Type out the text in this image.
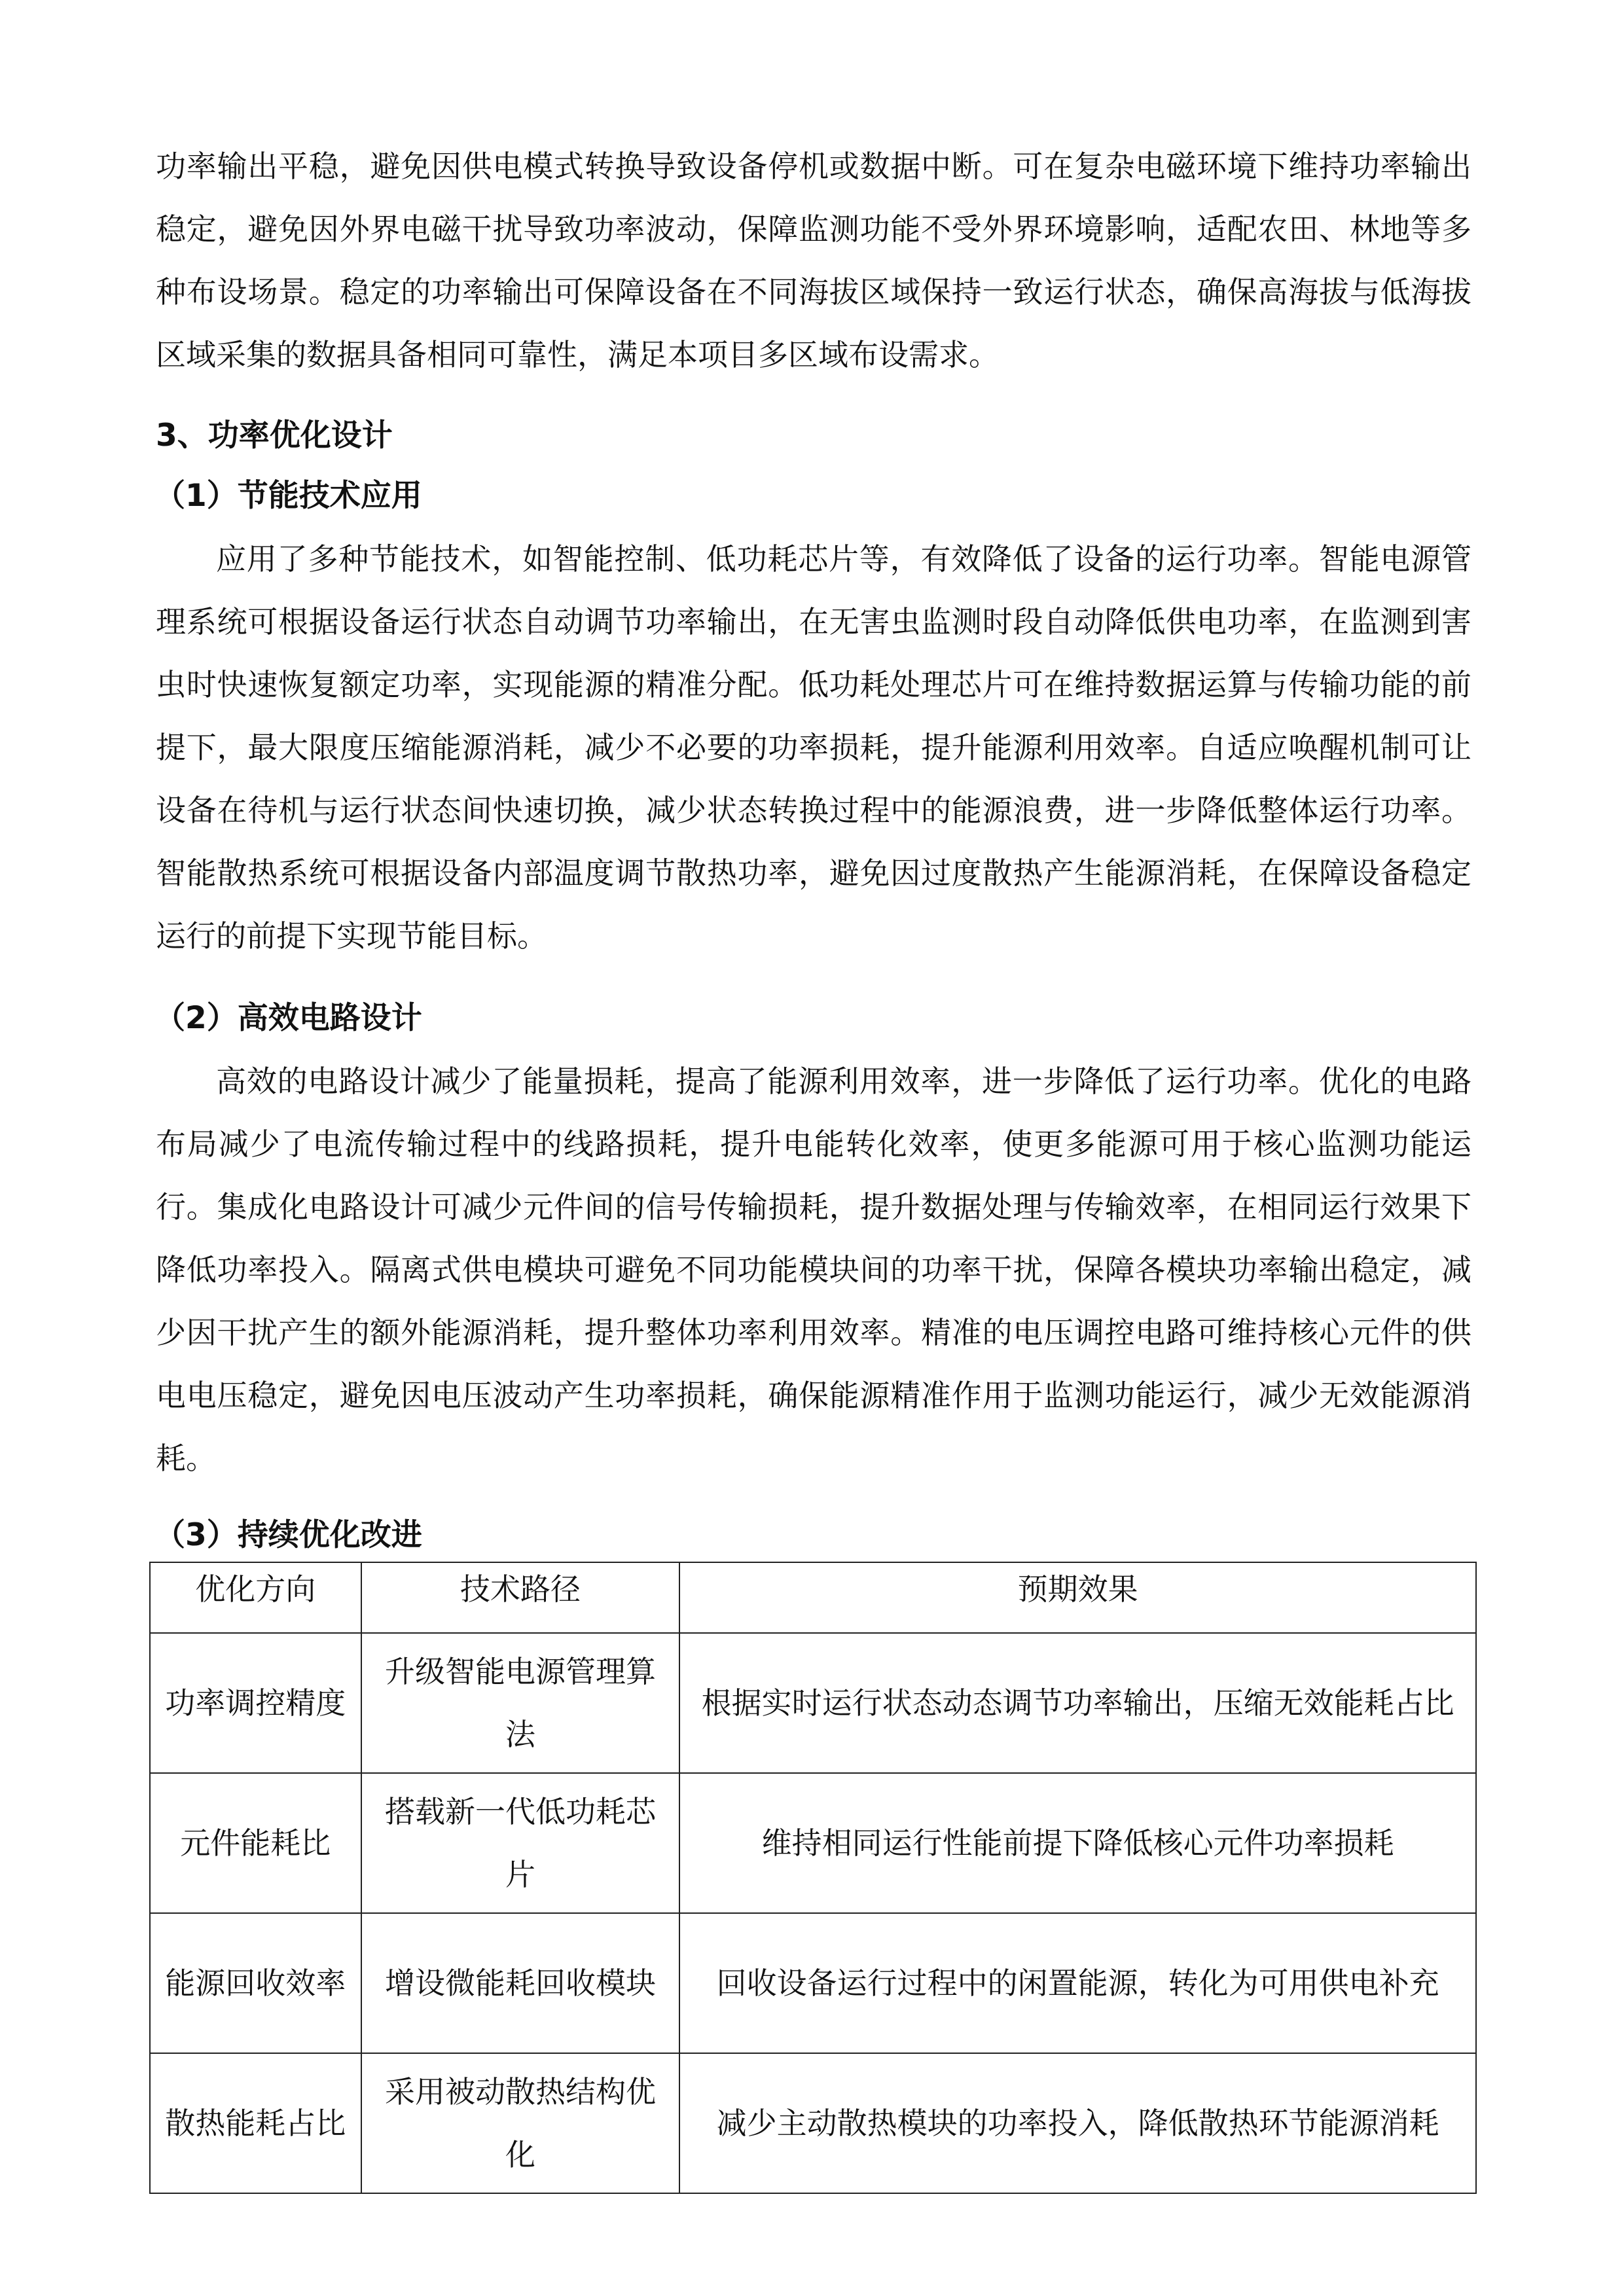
功率输出平稳，避免因供电模式转换导致设备停机或数据中断。可在复杂电磁环境下维持功率输出稳定，避免因外界电磁干扰导致功率波动，保障监测功能不受外界环境影响，适配农田、林地等多种布设场景。稳定的功率输出可保障设备在不同海拔区域保持一致运行状态，确保高海拔与低海拔区域采集的数据具备相同可靠性，满足本项目多区域布设需求。

3、功率优化设计
（1）节能技术应用

应用了多种节能技术，如智能控制、低功耗芯片等，有效降低了设备的运行功率。智能电源管理系统可根据设备运行状态自动调节功率输出，在无害虫监测时段自动降低供电功率，在监测到害虫时快速恢复额定功率，实现能源的精准分配。低功耗处理芯片可在维持数据运算与传输功能的前提下，最大限度压缩能源消耗，减少不必要的功率损耗，提升能源利用效率。自适应唤醒机制可让设备在待机与运行状态间快速切换，减少状态转换过程中的能源浪费，进一步降低整体运行功率。智能散热系统可根据设备内部温度调节散热功率，避免因过度散热产生能源消耗，在保障设备稳定运行的前提下实现节能目标。

（2）高效电路设计

高效的电路设计减少了能量损耗，提高了能源利用效率，进一步降低了运行功率。优化的电路布局减少了电流传输过程中的线路损耗，提升电能转化效率，使更多能源可用于核心监测功能运行。集成化电路设计可减少元件间的信号传输损耗，提升数据处理与传输效率，在相同运行效果下降低功率投入。隔离式供电模块可避免不同功能模块间的功率干扰，保障各模块功率输出稳定，减少因干扰产生的额外能源消耗，提升整体功率利用效率。精准的电压调控电路可维持核心元件的供电电压稳定，避免因电压波动产生功率损耗，确保能源精准作用于监测功能运行，减少无效能源消耗。

（3）持续优化改进
优化方向	技术路径	预期效果
功率调控精度	升级智能电源管理算法	根据实时运行状态动态调节功率输出，压缩无效能耗占比
元件能耗比	搭载新一代低功耗芯片	维持相同运行性能前提下降低核心元件功率损耗
能源回收效率	增设微能耗回收模块	回收设备运行过程中的闲置能源，转化为可用供电补充
散热能耗占比	采用被动散热结构优化	减少主动散热模块的功率投入，降低散热环节能源消耗
